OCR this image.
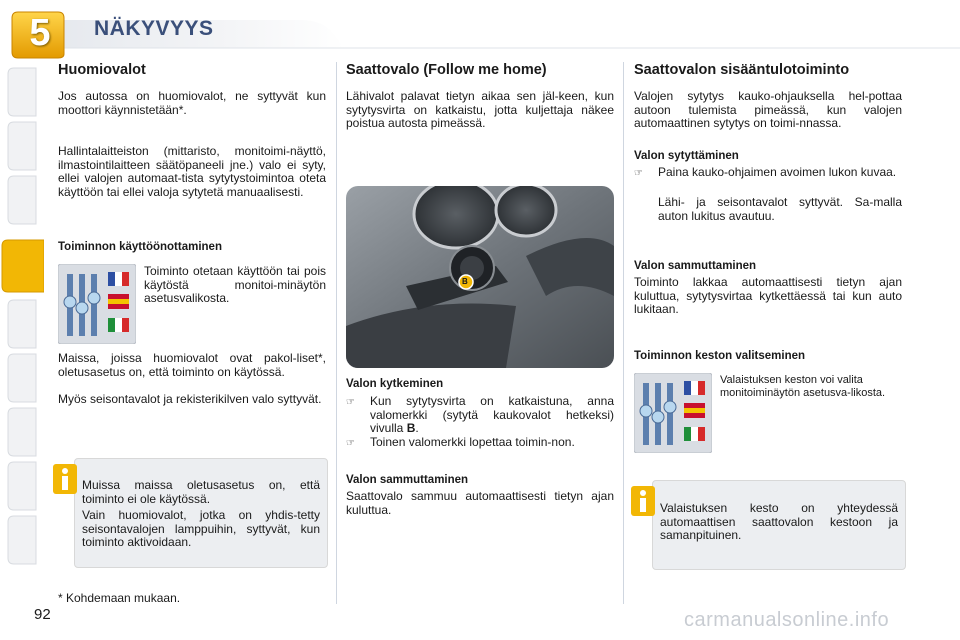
5	NÄKYVYYS
Huomiovalot
Jos autossa on huomiovalot, ne syttyvät kun moottori käynnistetään*.
Hallintalaitteiston (mittaristo, monitoimi-näyttö, ilmastointilaitteen säätöpaneeli jne.) valo ei syty, ellei valojen automaat-tista sytytystoimintoa oteta käyttöön tai ellei valoja sytytetä manuaalisesti.
Toiminnon käyttöönottaminen
Toiminto otetaan käyttöön tai pois käytöstä monitoi-minäytön asetusvalikosta.
Maissa, joissa huomiovalot ovat pakol-liset*, oletusasetus on, että toiminto on käytössä.
Myös seisontavalot ja rekisterikilven valo syttyvät.
Muissa maissa oletusasetus on, että toiminto ei ole käytössä.
Vain huomiovalot, jotka on yhdis-tetty seisontavalojen lamppuihin, syttyvät, kun toiminto aktivoidaan.
* Kohdemaan mukaan.
Saattovalo (Follow me home)
Lähivalot palavat tietyn aikaa sen jäl-keen, kun sytytysvirta on katkaistu, jotta kuljettaja näkee poistua autosta pimeässä.
B
Valon kytkeminen
☞ Kun sytytysvirta on katkaistuna, anna valomerkki (sytytä kaukovalot hetkeksi) vivulla B.
☞ Toinen valomerkki lopettaa toimin-non.
Valon sammuttaminen
Saattovalo sammuu automaattisesti tietyn ajan kuluttua.
Saattovalon sisääntulotoiminto
Valojen sytytys kauko-ohjauksella hel-pottaa autoon tulemista pimeässä, kun valojen automaattinen sytytys on toimi-nnassa.
Valon sytyttäminen
☞ Paina kauko-ohjaimen avoimen lukon kuvaa.
Lähi- ja seisontavalot syttyvät. Sa-malla auton lukitus avautuu.
Valon sammuttaminen
Toiminto lakkaa automaattisesti tietyn ajan kuluttua, sytytysvirtaa kytkettäessä tai kun auto lukitaan.
Toiminnon keston valitseminen
Valaistuksen keston voi valita monitoiminäytön asetusva-likosta.
Valaistuksen kesto on yhteydessä automaattisen saattovalon kestoon ja samanpituinen.
92	carmanualsonline.info
